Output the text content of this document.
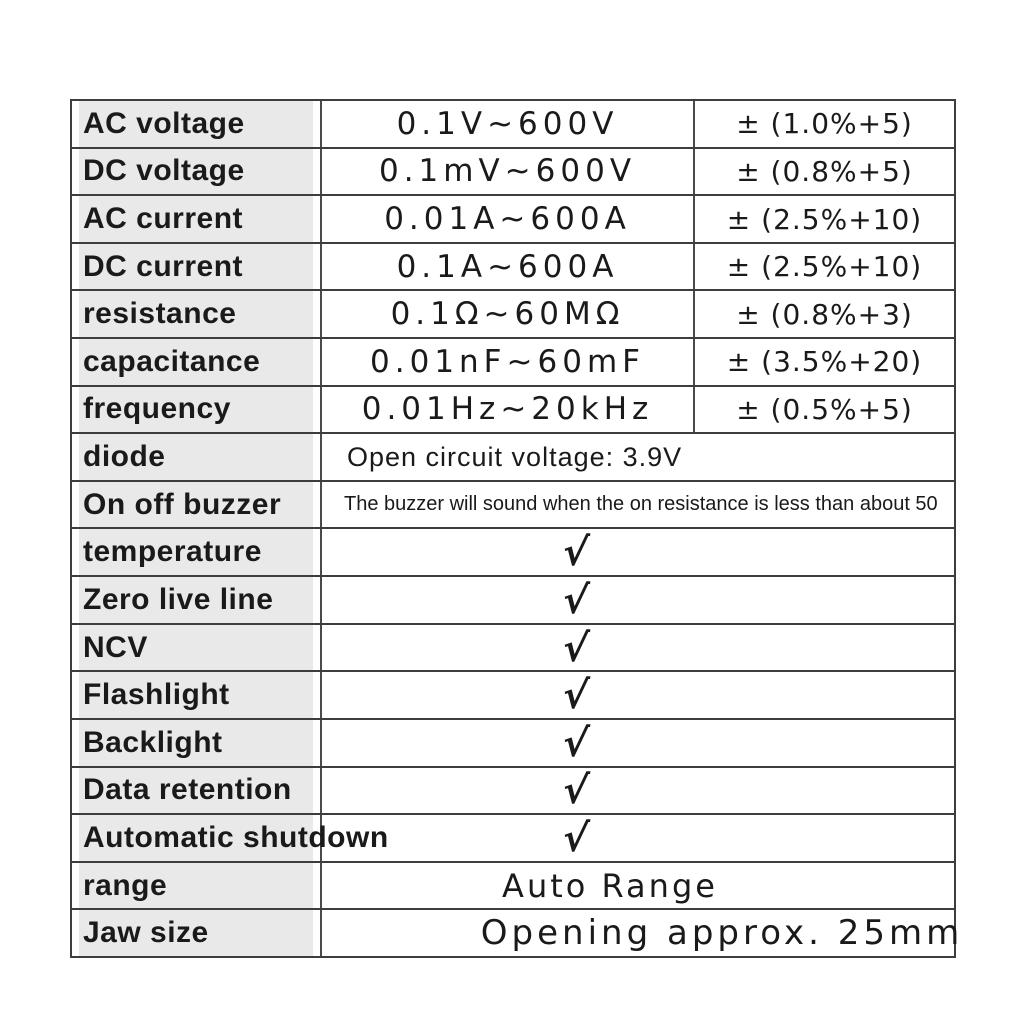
AC voltage	0.1V~600V	± (1.0%+5)
DC voltage	0.1mV~600V	± (0.8%+5)
AC current	0.01A~600A	± (2.5%+10)
DC current	0.1A~600A	± (2.5%+10)
resistance	0.1Ω~60MΩ	± (0.8%+3)
capacitance	0.01nF~60mF	± (3.5%+20)
frequency	0.01Hz~20kHz	± (0.5%+5)
diode	Open circuit voltage: 3.9V
On off buzzer	The buzzer will sound when the on resistance is less than about 50
temperature	√
Zero live line	√
NCV	√
Flashlight	√
Backlight	√
Data retention	√
Automatic shutdown	√
range	Auto Range
Jaw size	Opening approx. 25mm
